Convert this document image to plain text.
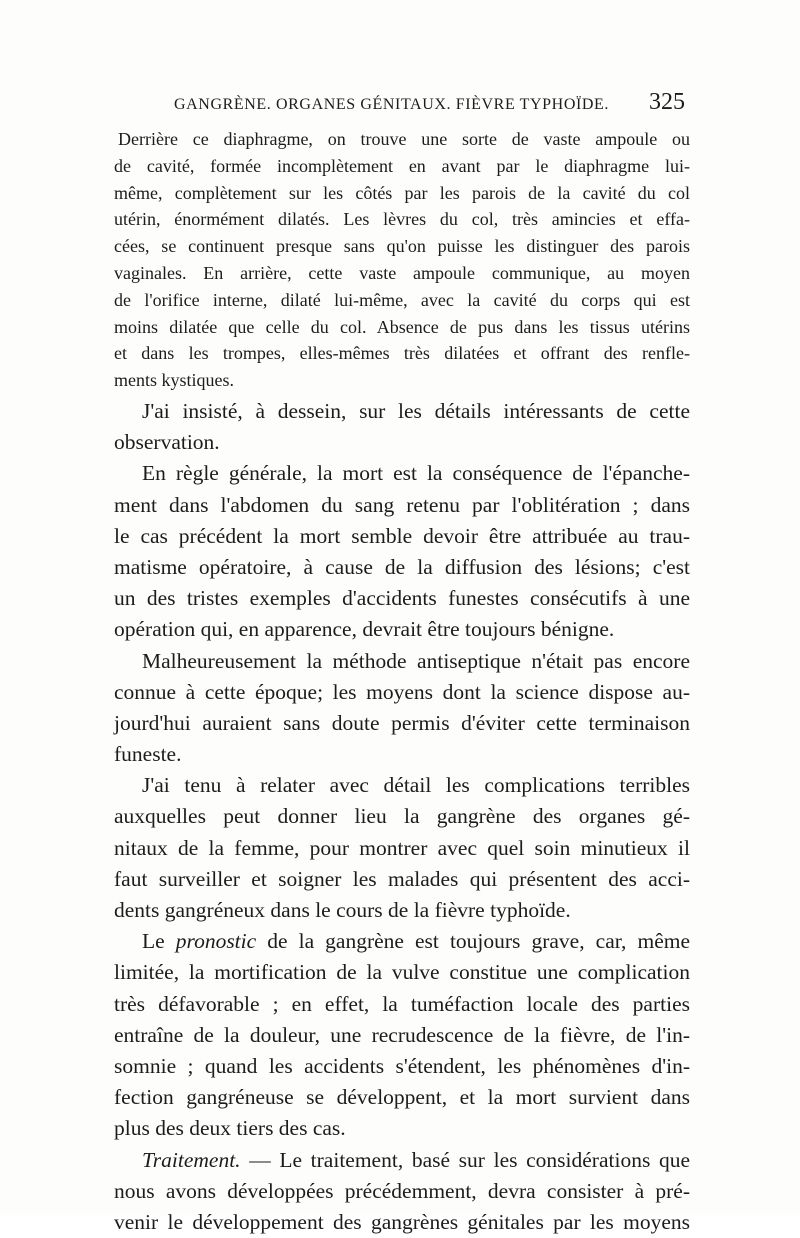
GANGRÈNE. ORGANES GÉNITAUX. FIÈVRE TYPHOÏDE. 325
Derrière ce diaphragme, on trouve une sorte de vaste ampoule ou
de cavité, formée incomplètement en avant par le diaphragme lui-
même, complètement sur les côtés par les parois de la cavité du col
utérin, énormément dilatés. Les lèvres du col, très amincies et effa-
cées, se continuent presque sans qu'on puisse les distinguer des parois
vaginales. En arrière, cette vaste ampoule communique, au moyen
de l'orifice interne, dilaté lui-même, avec la cavité du corps qui est
moins dilatée que celle du col. Absence de pus dans les tissus utérins
et dans les trompes, elles-mêmes très dilatées et offrant des renfle-
ments kystiques.
J'ai insisté, à dessein, sur les détails intéressants de cette
observation.
En règle générale, la mort est la conséquence de l'épanche-
ment dans l'abdomen du sang retenu par l'oblitération ; dans
le cas précédent la mort semble devoir être attribuée au trau-
matisme opératoire, à cause de la diffusion des lésions; c'est
un des tristes exemples d'accidents funestes consécutifs à une
opération qui, en apparence, devrait être toujours bénigne.
Malheureusement la méthode antiseptique n'était pas encore
connue à cette époque; les moyens dont la science dispose au-
jourd'hui auraient sans doute permis d'éviter cette terminaison
funeste.
J'ai tenu à relater avec détail les complications terribles
auxquelles peut donner lieu la gangrène des organes gé-
nitaux de la femme, pour montrer avec quel soin minutieux il
faut surveiller et soigner les malades qui présentent des acci-
dents gangréneux dans le cours de la fièvre typhoïde.
Le pronostic de la gangrène est toujours grave, car, même
limitée, la mortification de la vulve constitue une complication
très défavorable ; en effet, la tuméfaction locale des parties
entraîne de la douleur, une recrudescence de la fièvre, de l'in-
somnie ; quand les accidents s'étendent, les phénomènes d'in-
fection gangréneuse se développent, et la mort survient dans
plus des deux tiers des cas.
Traitement. — Le traitement, basé sur les considérations que
nous avons développées précédemment, devra consister à pré-
venir le développement des gangrènes génitales par les moyens
